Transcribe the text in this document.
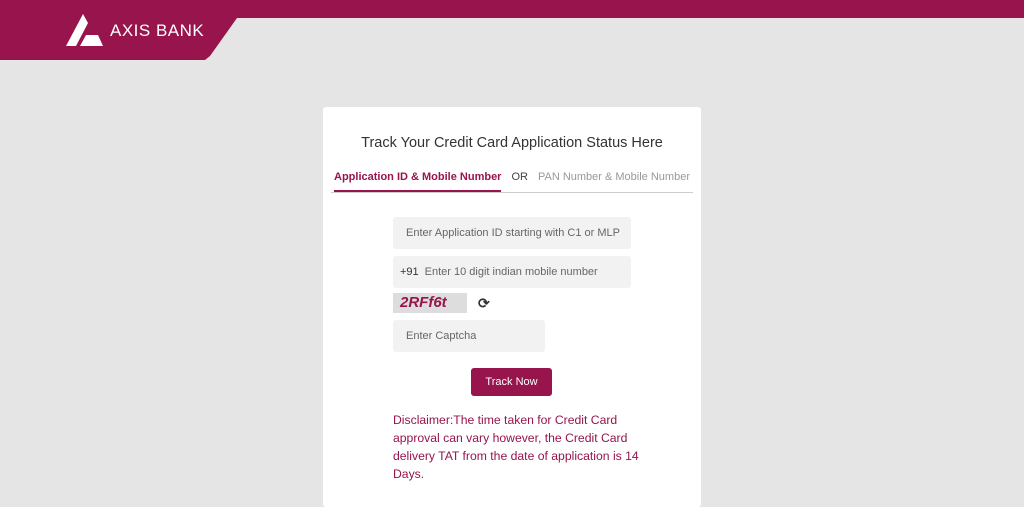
AXIS BANK
Track Your Credit Card Application Status Here
Application ID & Mobile Number OR PAN Number & Mobile Number
Enter Application ID starting with C1 or MLP
+91 Enter 10 digit indian mobile number
2RFf6t	⟳
Enter Captcha
Track Now
Disclaimer:The time taken for Credit Card approval can vary however, the Credit Card delivery TAT from the date of application is 14 Days.
